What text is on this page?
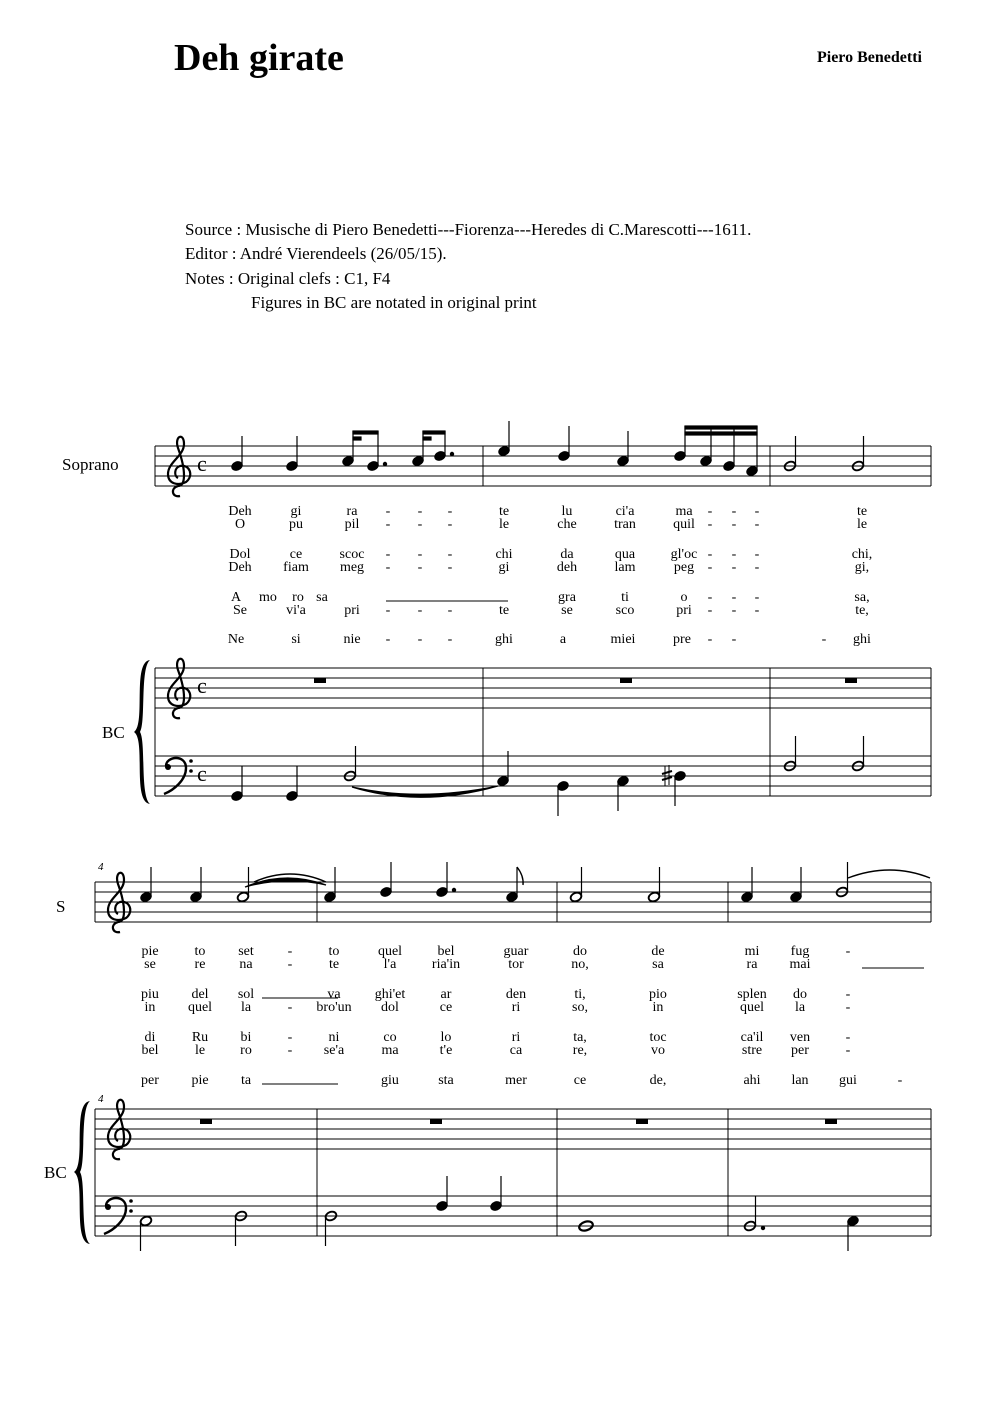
Deh girate	Piero Benedetti
Source : Musische di Piero Benedetti---Fiorenza---Heredes di C.Marescotti---1611.
Editor : André Vierendeels (26/05/15).
Notes : Original clefs : C1, F4
Figures in BC are notated in original print
Soprano
BC
S
BC
4
4
c
c
c
Deh	gi	ra - - -	te	lu	ci'a	ma - - -	te
O	pu	pil - - -	le	che	tran	quil - - -	le
Dol	ce	scoc - - -	chi	da	qua	gl'oc - - -	chi,
Deh fiam meg - - -	gi	deh	lam	peg - - -	gi,
A mo ro sa	gra	ti	o - - -	sa,
Se	vi'a	pri - - -	te	se	sco	pri - - -	te,
Ne	si	nie - - -	ghi	a	miei	pre - -	- ghi
pie	to set -	to	quel	bel	guar	do	de	mi fug	-
se	re na	-	te	l'a	ria'in	tor	no,	sa	ra mai
piu del sol	va ghi'et	ar	den	ti,	pio	splen do	-
in quel la	- bro'un dol	ce	ri	so,	in	quel la	-
di	Ru bi	-	ni	co	lo	ri	ta,	toc	ca'il ven	-
bel	le	ro	- se'a	ma	t'e	ca	re,	vo	stre per	-
per pie ta	giu	sta	mer	ce	de,	ahi lan gui	-
